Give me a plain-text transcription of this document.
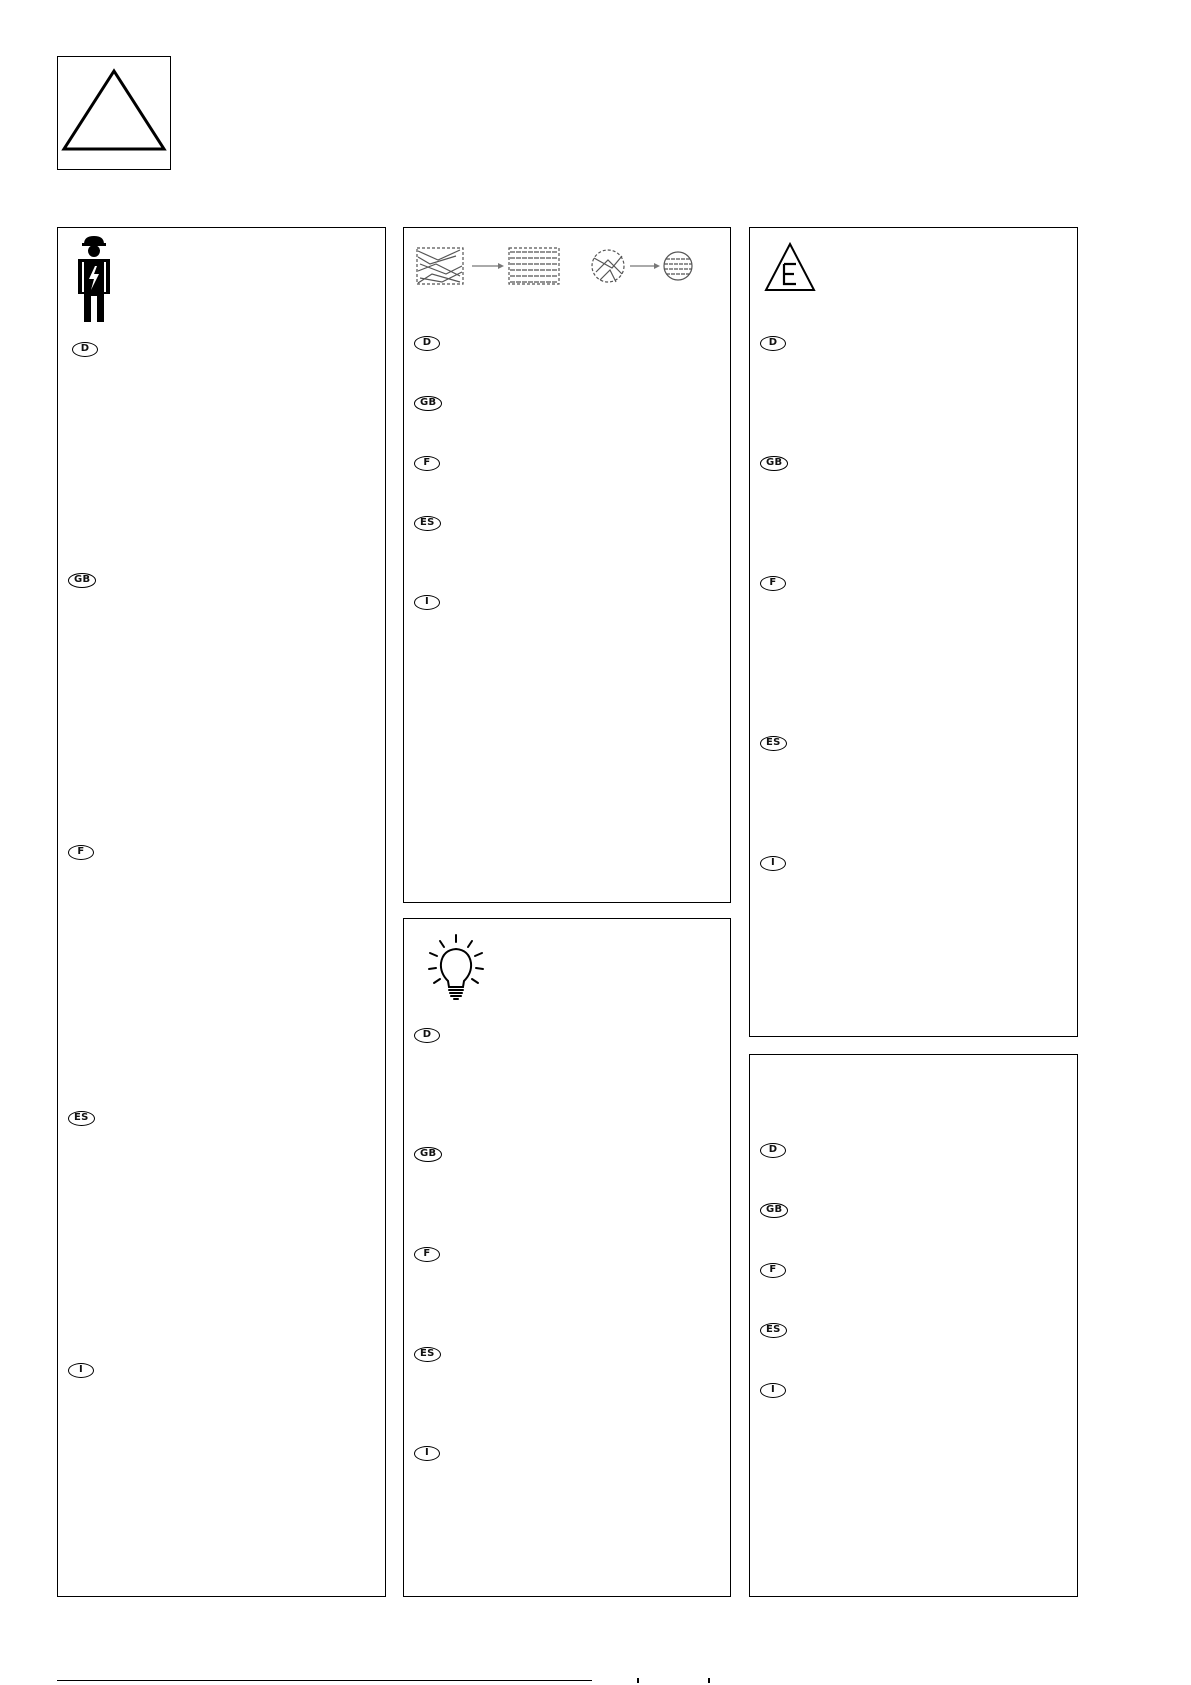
D
GB
F
ES
I
D
GB
F
ES
I
D
GB
F
ES
I
D
GB
F
ES
I
D
GB
F
ES
I
